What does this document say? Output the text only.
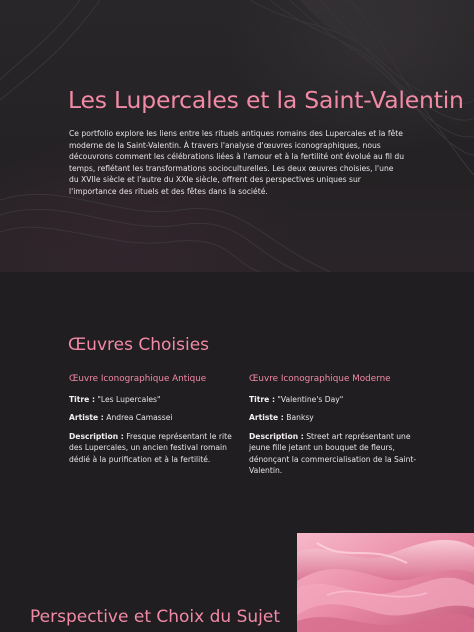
Les Lupercales et la Saint-Valentin

Ce portfolio explore les liens entre les rituels antiques romains des Lupercales et la fête moderne de la Saint-Valentin. À travers l'analyse d'œuvres iconographiques, nous découvrons comment les célébrations liées à l'amour et à la fertilité ont évolué au fil du temps, reflétant les transformations socioculturelles. Les deux œuvres choisies, l'une du XVIIe siècle et l'autre du XXIe siècle, offrent des perspectives uniques sur l'importance des rituels et des fêtes dans la société.

Œuvres Choisies
Œuvre Iconographique Antique

Titre : "Les Lupercales"

Artiste : Andrea Camassei

Description : Fresque représentant le rite des Lupercales, un ancien festival romain dédié à la purification et à la fertilité.

Œuvre Iconographique Moderne

Titre : "Valentine's Day"

Artiste : Banksy

Description : Street art représentant une jeune fille jetant un bouquet de fleurs, dénonçant la commercialisation de la Saint-Valentin.

Perspective et Choix du Sujet
